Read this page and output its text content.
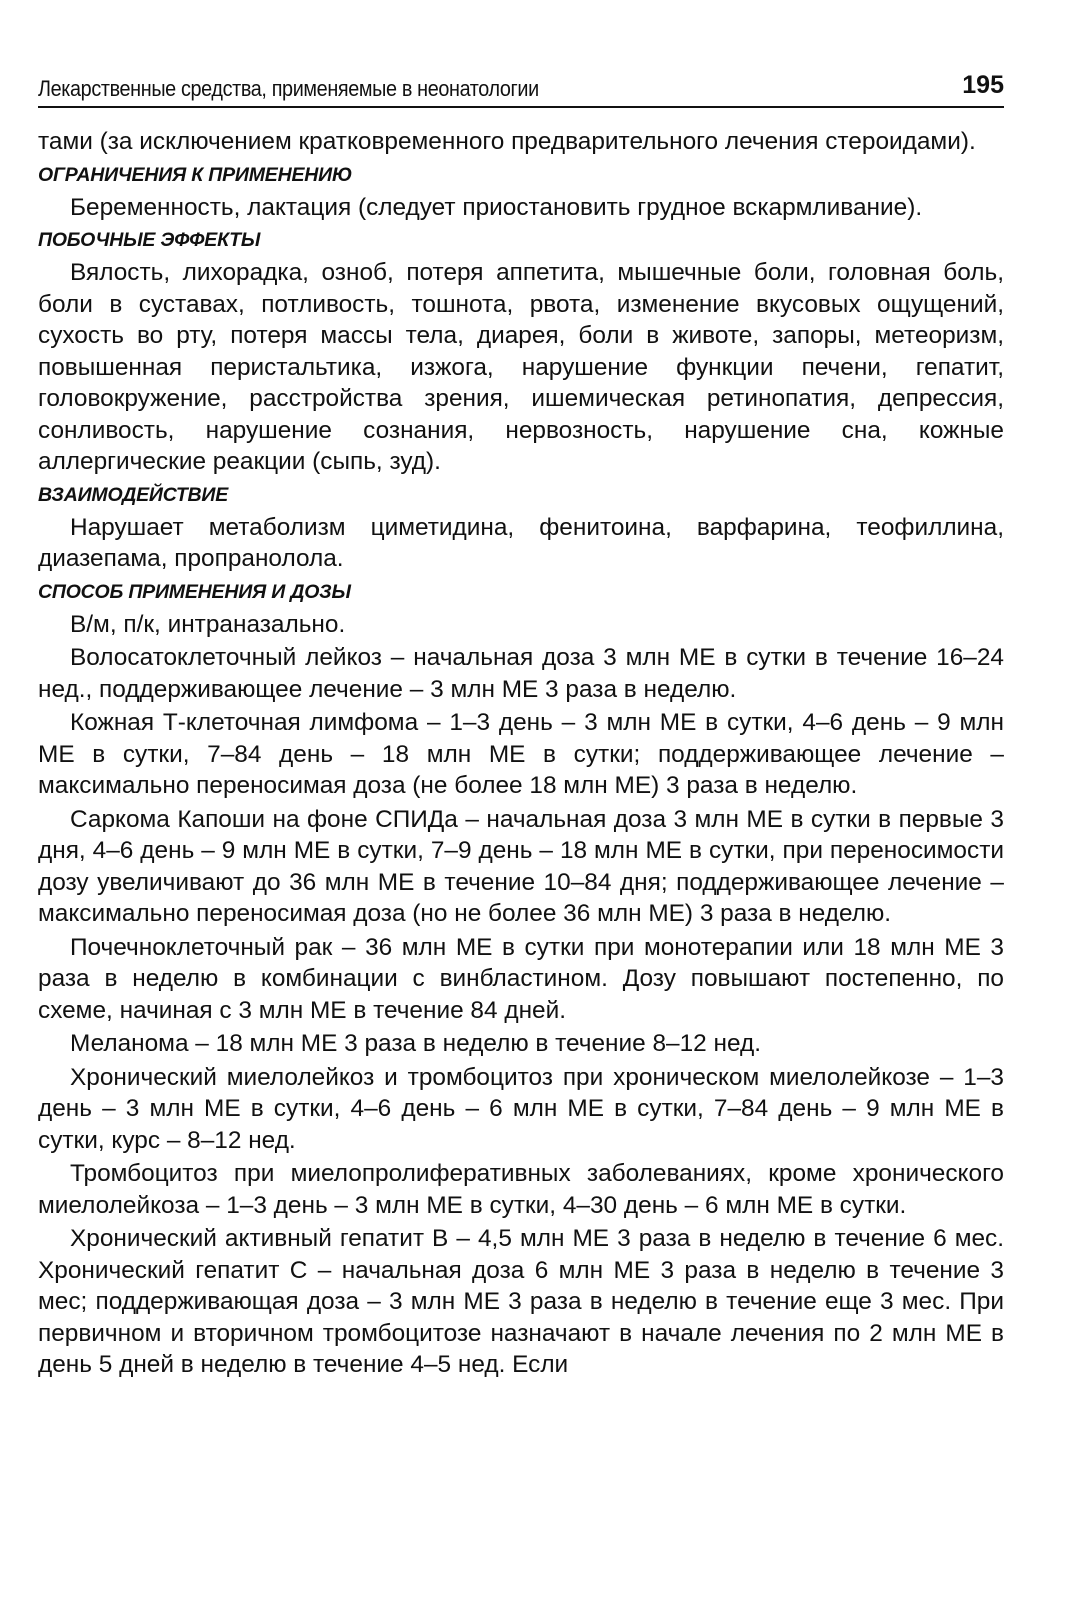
Лекарственные средства, применяемые в неонатологии	195

тами (за исключением кратковременного предварительного лечения стероидами).

ОГРАНИЧЕНИЯ К ПРИМЕНЕНИЮ

Беременность, лактация (следует приостановить грудное вскармливание).

ПОБОЧНЫЕ ЭФФЕКТЫ

Вялость, лихорадка, озноб, потеря аппетита, мышечные боли, головная боль, боли в суставах, потливость, тошнота, рвота, изменение вкусовых ощущений, сухость во рту, потеря массы тела, диарея, боли в животе, запоры, метеоризм, повышенная перистальтика, изжога, нарушение функции печени, гепатит, головокружение, расстройства зрения, ишемическая ретинопатия, депрессия, сонливость, нарушение сознания, нервозность, нарушение сна, кожные аллергические реакции (сыпь, зуд).

ВЗАИМОДЕЙСТВИЕ

Нарушает метаболизм циметидина, фенитоина, варфарина, теофиллина, диазепама, пропранолола.

СПОСОБ ПРИМЕНЕНИЯ И ДОЗЫ

В/м, п/к, интраназально.

Волосатоклеточный лейкоз – начальная доза 3 млн МЕ в сутки в течение 16–24 нед., поддерживающее лечение – 3 млн МЕ 3 раза в неделю.

Кожная Т-клеточная лимфома – 1–3 день – 3 млн МЕ в сутки, 4–6 день – 9 млн МЕ в сутки, 7–84 день – 18 млн МЕ в сутки; поддерживающее лечение – максимально переносимая доза (не более 18 млн МЕ) 3 раза в неделю.

Саркома Капоши на фоне СПИДа – начальная доза 3 млн МЕ в сутки в первые 3 дня, 4–6 день – 9 млн МЕ в сутки, 7–9 день – 18 млн МЕ в сутки, при переносимости дозу увеличивают до 36 млн МЕ в течение 10–84 дня; поддерживающее лечение – максимально переносимая доза (но не более 36 млн МЕ) 3 раза в неделю.

Почечноклеточный рак – 36 млн МЕ в сутки при монотерапии или 18 млн МЕ 3 раза в неделю в комбинации с винбластином. Дозу повышают постепенно, по схеме, начиная с 3 млн МЕ в течение 84 дней.

Меланома – 18 млн МЕ 3 раза в неделю в течение 8–12 нед.

Хронический миелолейкоз и тромбоцитоз при хроническом миелолейкозе – 1–3 день – 3 млн МЕ в сутки, 4–6 день – 6 млн МЕ в сутки, 7–84 день – 9 млн МЕ в сутки, курс – 8–12 нед.

Тромбоцитоз при миелопролиферативных заболеваниях, кроме хронического миелолейкоза – 1–3 день – 3 млн МЕ в сутки, 4–30 день – 6 млн МЕ в сутки.

Хронический активный гепатит В – 4,5 млн МЕ 3 раза в неделю в течение 6 мес. Хронический гепатит С – начальная доза 6 млн МЕ 3 раза в неделю в течение 3 мес; поддерживающая доза – 3 млн МЕ 3 раза в неделю в течение еще 3 мес. При первичном и вторичном тромбоцитозе назначают в начале лечения по 2 млн МЕ в день 5 дней в неделю в течение 4–5 нед. Если
